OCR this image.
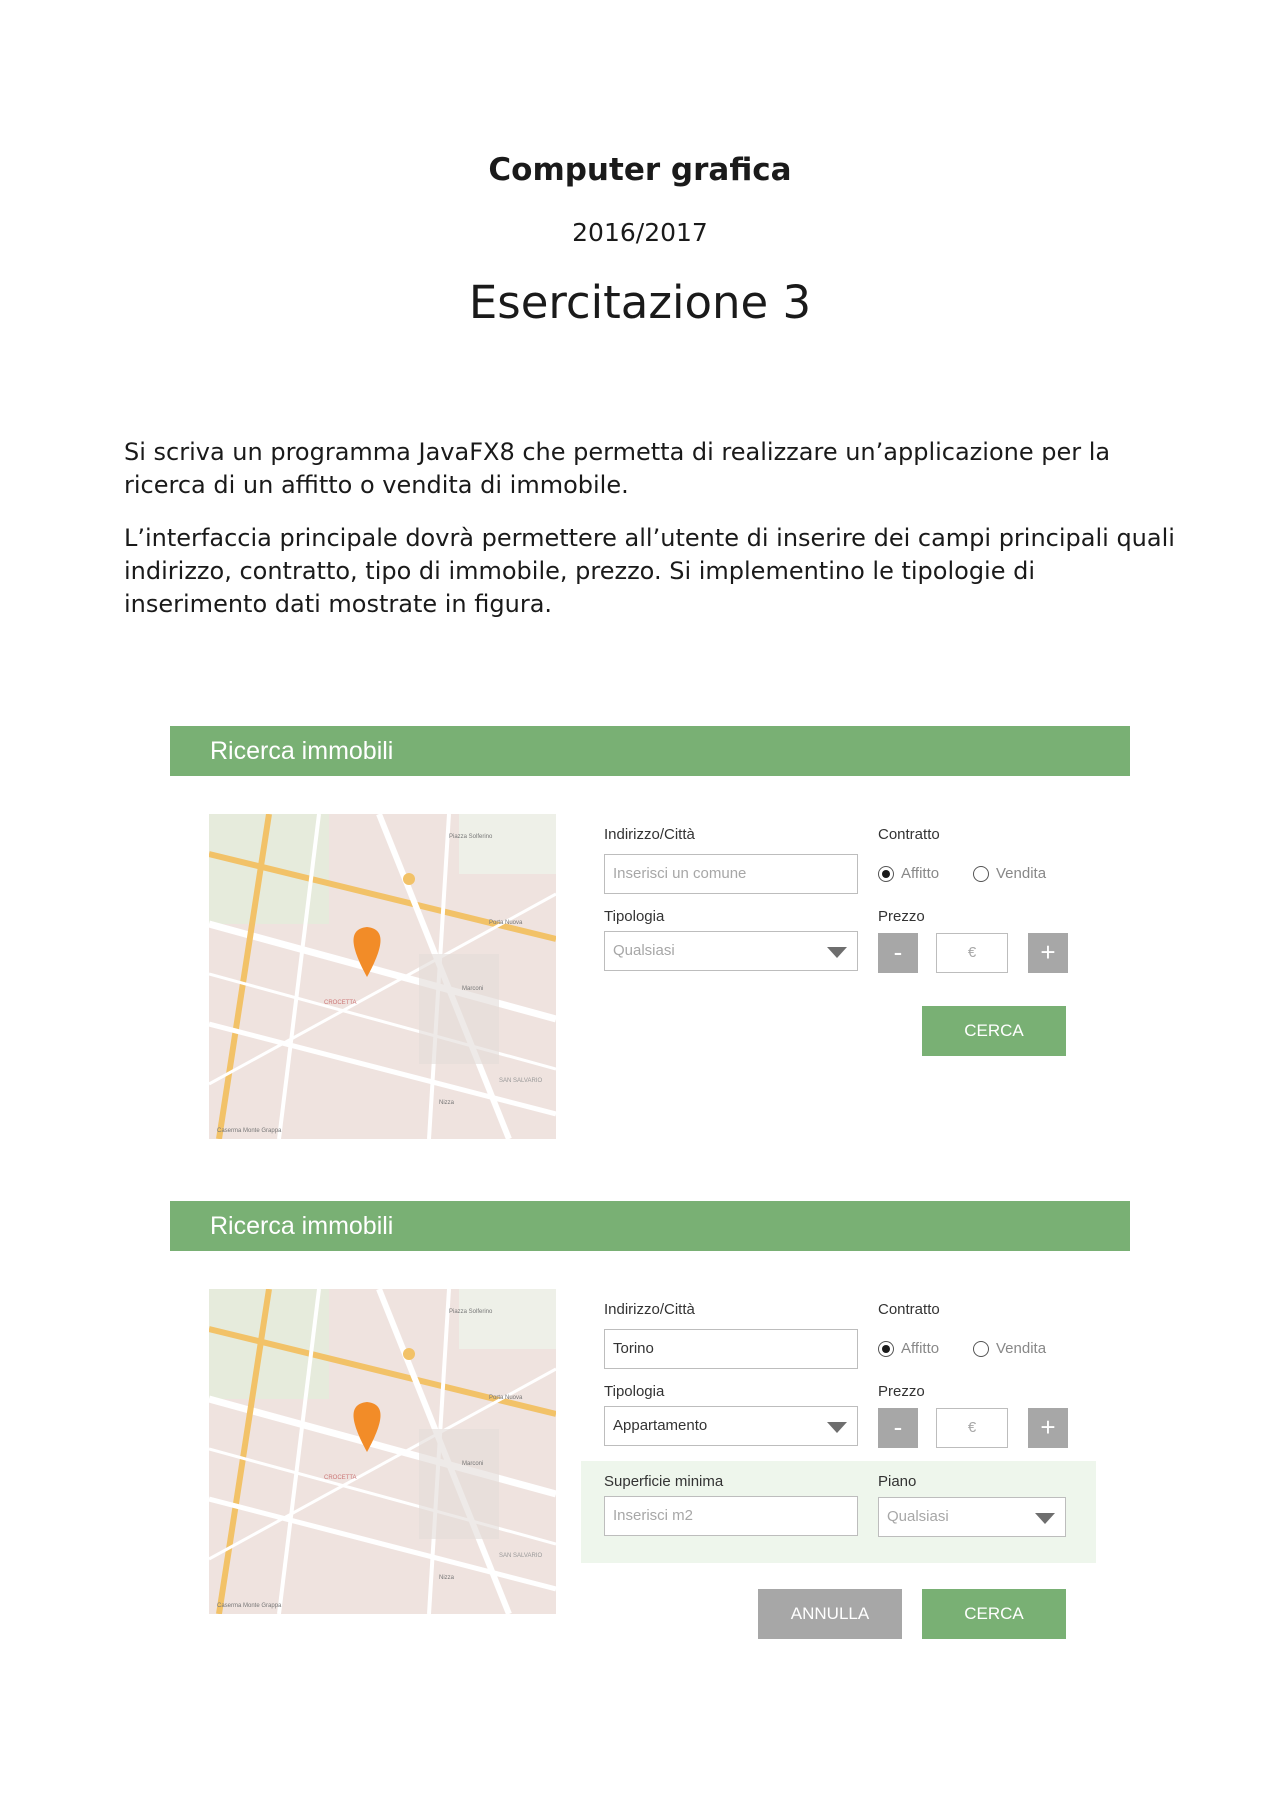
Computer grafica
2016/2017
Esercitazione 3

Si scriva un programma JavaFX8 che permetta di realizzare un’applicazione per la ricerca di un affitto o vendita di immobile.

L’interfaccia principale dovrà permettere all’utente di inserire dei campi principali quali indirizzo, contratto, tipo di immobile, prezzo. Si implementino le tipologie di inserimento dati mostrate in figura.

Ricerca immobili
Piazza Solferino
Porta Nuova
CROCETTA
SAN SALVARIO
Nizza
Marconi
Caserma Monte Grappa
Indirizzo/Città
Inserisci un comune
Contratto
Affitto	Vendita
Tipologia
Qualsiasi
Prezzo
-	€	+
CERCA
Ricerca immobili
Piazza Solferino
Porta Nuova
CROCETTA
SAN SALVARIO
Nizza
Marconi
Caserma Monte Grappa
Indirizzo/Città
Torino
Contratto
Affitto	Vendita
Tipologia
Appartamento
Prezzo
-	€	+
Superficie minima
Inserisci m2
Piano
Qualsiasi
ANNULLA	CERCA
